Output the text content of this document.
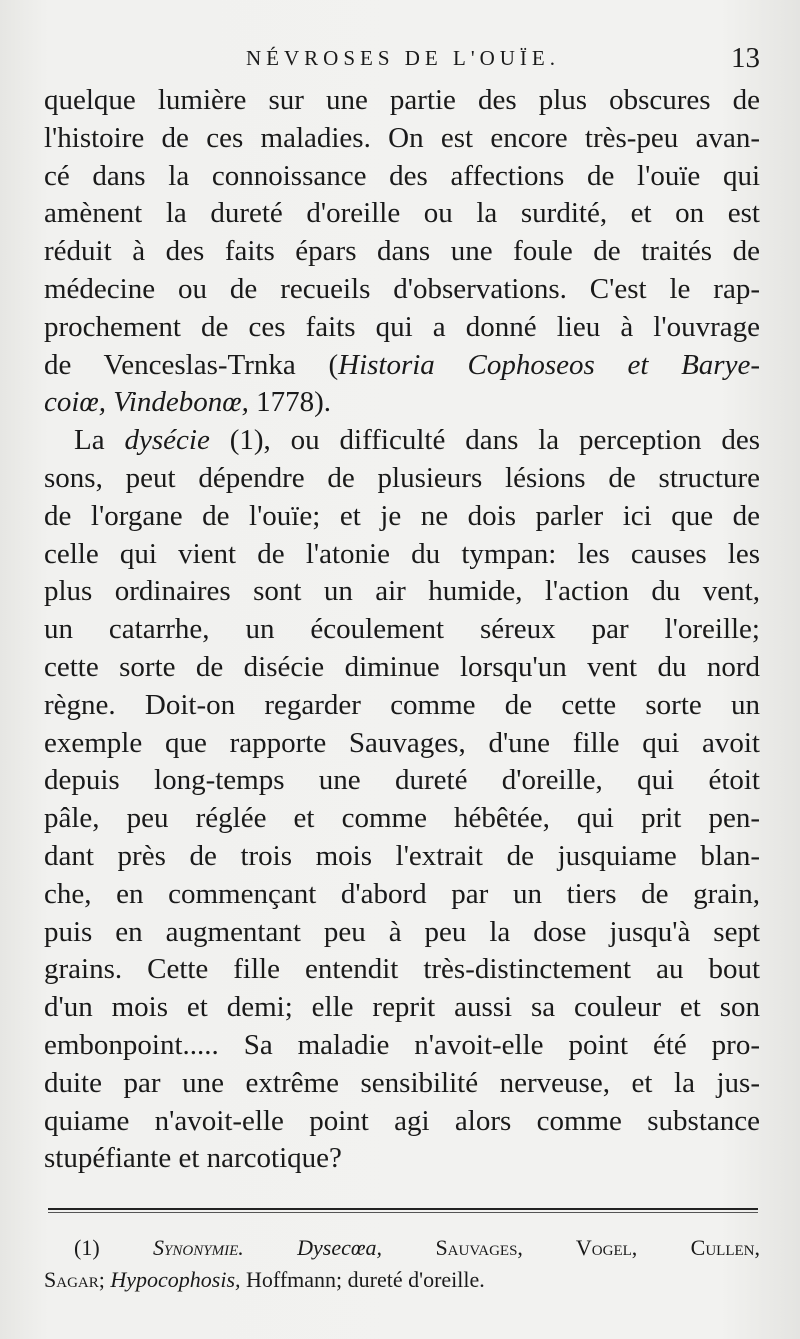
NÉVROSES DE L'OUÏE.	13
quelque lumière sur une partie des plus obscures de
l'histoire de ces maladies. On est encore très-peu avan-
cé dans la connoissance des affections de l'ouïe qui
amènent la dureté d'oreille ou la surdité, et on est
réduit à des faits épars dans une foule de traités de
médecine ou de recueils d'observations. C'est le rap-
prochement de ces faits qui a donné lieu à l'ouvrage
de Venceslas-Trnka (Historia Cophoseos et Barye-
coiœ, Vindebonœ, 1778).
La dysécie (1), ou difficulté dans la perception des
sons, peut dépendre de plusieurs lésions de structure
de l'organe de l'ouïe; et je ne dois parler ici que de
celle qui vient de l'atonie du tympan: les causes les
plus ordinaires sont un air humide, l'action du vent,
un catarrhe, un écoulement séreux par l'oreille;
cette sorte de disécie diminue lorsqu'un vent du nord
règne. Doit-on regarder comme de cette sorte un
exemple que rapporte Sauvages, d'une fille qui avoit
depuis long-temps une dureté d'oreille, qui étoit
pâle, peu réglée et comme hébêtée, qui prit pen-
dant près de trois mois l'extrait de jusquiame blan-
che, en commençant d'abord par un tiers de grain,
puis en augmentant peu à peu la dose jusqu'à sept
grains. Cette fille entendit très-distinctement au bout
d'un mois et demi; elle reprit aussi sa couleur et son
embonpoint..... Sa maladie n'avoit-elle point été pro-
duite par une extrême sensibilité nerveuse, et la jus-
quiame n'avoit-elle point agi alors comme substance
stupéfiante et narcotique?
(1) Synonymie. Dysecœa, Sauvages, Vogel, Cullen,
Sagar; Hypocophosis, Hoffmann; dureté d'oreille.
